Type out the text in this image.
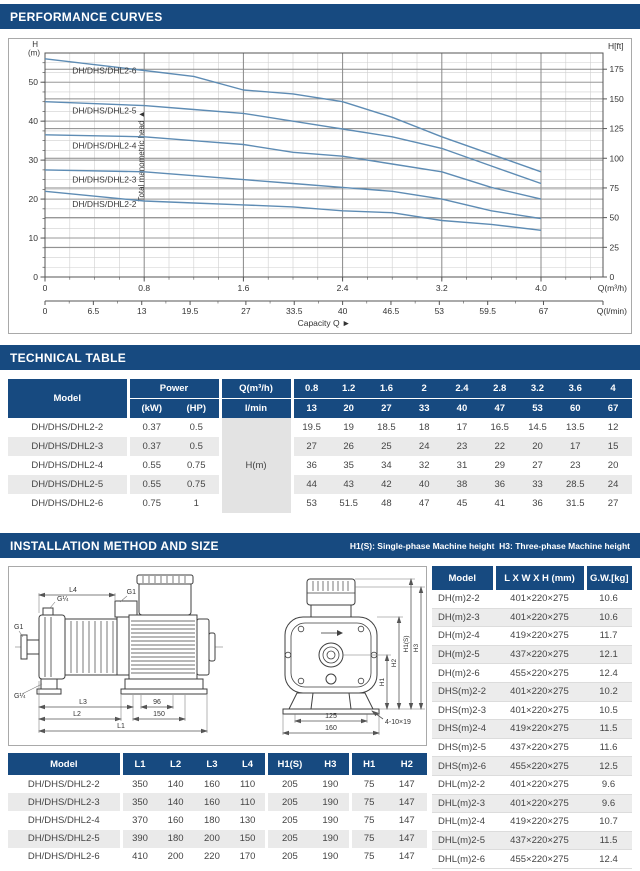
PERFORMANCE CURVES
0
10
20
30
40
50
H
(m)
Total manometric head ▲
H[ft]
0
25
50
75
100
125
150
175
0	0.8	1.6	2.4	3.2	4.0	Q(m³/h)
0	6.5	13	19.5	27	33.5	40	46.5	53	59.5	67	Q(l/min)
Capacity Q ►
DH/DHS/DHL2-6
DH/DHS/DHL2-5
DH/DHS/DHL2-4
DH/DHS/DHL2-3
DH/DHS/DHL2-2
TECHNICAL TABLE
Model	Power		Q(m³/h)	0.8	1.2	1.6	2	2.4	2.8	3.2	3.6	4
	(kW)	(HP)	l/min	13	20	27	33	40	47	53	60	67
DH/DHS/DHL2-2	0.37	0.5	H(m)	19.5	19	18.5	18	17	16.5	14.5	13.5	12
DH/DHS/DHL2-3	0.37	0.5		27	26	25	24	23	22	20	17	15
DH/DHS/DHL2-4	0.55	0.75		36	35	34	32	31	29	27	23	20
DH/DHS/DHL2-5	0.55	0.75		44	43	42	40	38	36	33	28.5	24
DH/DHS/DHL2-6	0.75	1		53	51.5	48	47	45	41	36	31.5	27
INSTALLATION METHOD AND SIZE	H1(S): Single-phase Machine height  H3: Three-phase Machine height
L4
G¼
G1
G1
G¼
L3	96
L2	150
L1
125
160
H1
H2
H1(S) H3
4-10×19
Model	L X W X H (mm)	G.W.[kg]
DH(m)2-2	401×220×275	10.6
DH(m)2-3	401×220×275	10.6
DH(m)2-4	419×220×275	11.7
DH(m)2-5	437×220×275	12.1
DH(m)2-6	455×220×275	12.4
DHS(m)2-2	401×220×275	10.2
DHS(m)2-3	401×220×275	10.5
DHS(m)2-4	419×220×275	11.5
DHS(m)2-5	437×220×275	11.6
DHS(m)2-6	455×220×275	12.5
DHL(m)2-2	401×220×275	9.6
DHL(m)2-3	401×220×275	9.6
DHL(m)2-4	419×220×275	10.7
DHL(m)2-5	437×220×275	11.5
DHL(m)2-6	455×220×275	12.4
Model	L1	L2	L3	L4	H1(S)	H3	H1	H2
DH/DHS/DHL2-2	350	140	160	110	205	190	75	147
DH/DHS/DHL2-3	350	140	160	110	205	190	75	147
DH/DHS/DHL2-4	370	160	180	130	205	190	75	147
DH/DHS/DHL2-5	390	180	200	150	205	190	75	147
DH/DHS/DHL2-6	410	200	220	170	205	190	75	147
